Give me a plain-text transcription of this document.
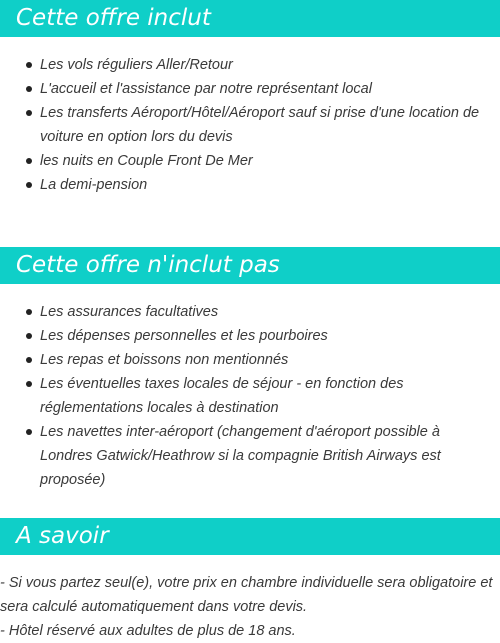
Cette offre inclut
Les vols réguliers Aller/Retour
L'accueil et l'assistance par notre représentant local
Les transferts Aéroport/Hôtel/Aéroport sauf si prise d'une location de voiture en option lors du devis
les nuits en Couple Front De Mer
La demi-pension
Cette offre n'inclut pas
Les assurances facultatives
Les dépenses personnelles et les pourboires
Les repas et boissons non mentionnés
Les éventuelles taxes locales de séjour - en fonction des réglementations locales à destination
Les navettes inter-aéroport (changement d'aéroport possible à Londres Gatwick/Heathrow si la compagnie British Airways est proposée)
A savoir

- Si vous partez seul(e), votre prix en chambre individuelle sera obligatoire et sera calculé automatiquement dans votre devis.

- Hôtel réservé aux adultes de plus de 18 ans.
